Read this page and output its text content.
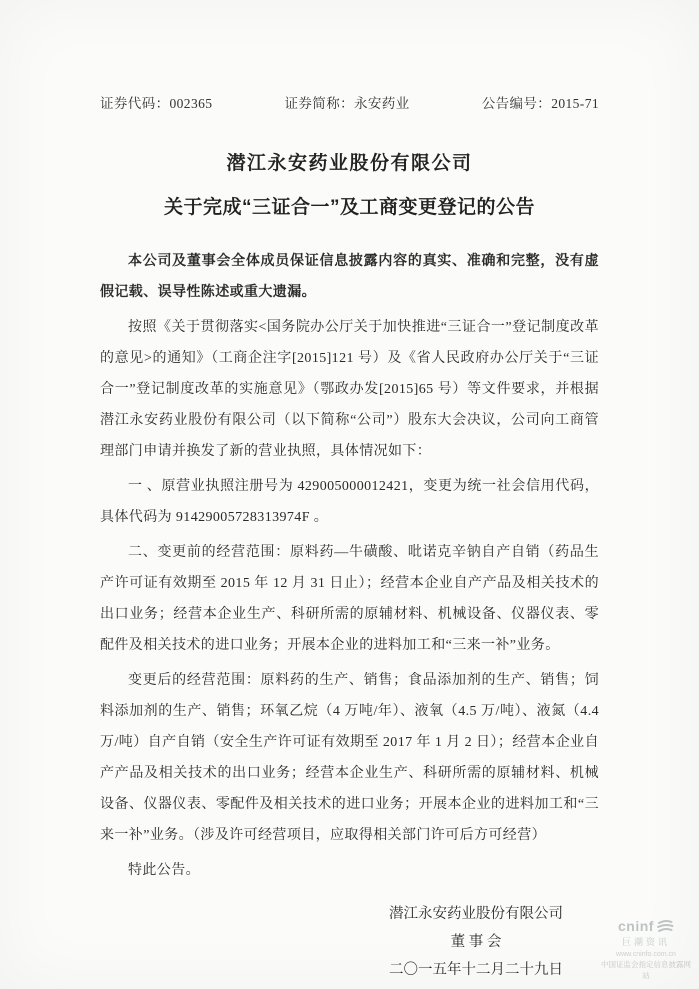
证券代码：002365	证券简称：永安药业	公告编号：2015-71
潜江永安药业股份有限公司
关于完成“三证合一”及工商变更登记的公告

本公司及董事会全体成员保证信息披露内容的真实、准确和完整，没有虚假记载、误导性陈述或重大遗漏。

按照《关于贯彻落实<国务院办公厅关于加快推进“三证合一”登记制度改革的意见>的通知》（工商企注字[2015]121 号）及《省人民政府办公厅关于“三证合一”登记制度改革的实施意见》（鄂政办发[2015]65 号）等文件要求，并根据潜江永安药业股份有限公司（以下简称“公司”）股东大会决议，公司向工商管理部门申请并换发了新的营业执照，具体情况如下：

一 、原营业执照注册号为 429005000012421，变更为统一社会信用代码，具体代码为 91429005728313974F 。

二、变更前的经营范围：原料药—牛磺酸、吡诺克辛钠自产自销（药品生产许可证有效期至 2015 年 12 月 31 日止）；经营本企业自产产品及相关技术的出口业务；经营本企业生产、科研所需的原辅材料、机械设备、仪器仪表、零配件及相关技术的进口业务；开展本企业的进料加工和“三来一补”业务。

变更后的经营范围：原料药的生产、销售；食品添加剂的生产、销售；饲料添加剂的生产、销售；环氧乙烷（4 万吨/年）、液氧（4.5 万/吨）、液氮（4.4 万/吨）自产自销（安全生产许可证有效期至 2017 年 1 月 2 日）；经营本企业自产产品及相关技术的出口业务；经营本企业生产、科研所需的原辅材料、机械设备、仪器仪表、零配件及相关技术的进口业务；开展本企业的进料加工和“三来一补”业务。（涉及许可经营项目，应取得相关部门许可后方可经营）

特此公告。

潜江永安药业股份有限公司
董 事 会
二〇一五年十二月二十九日
cninf
巨潮资讯
www.cninfo.com.cn
中国证监会指定信息披露网站
